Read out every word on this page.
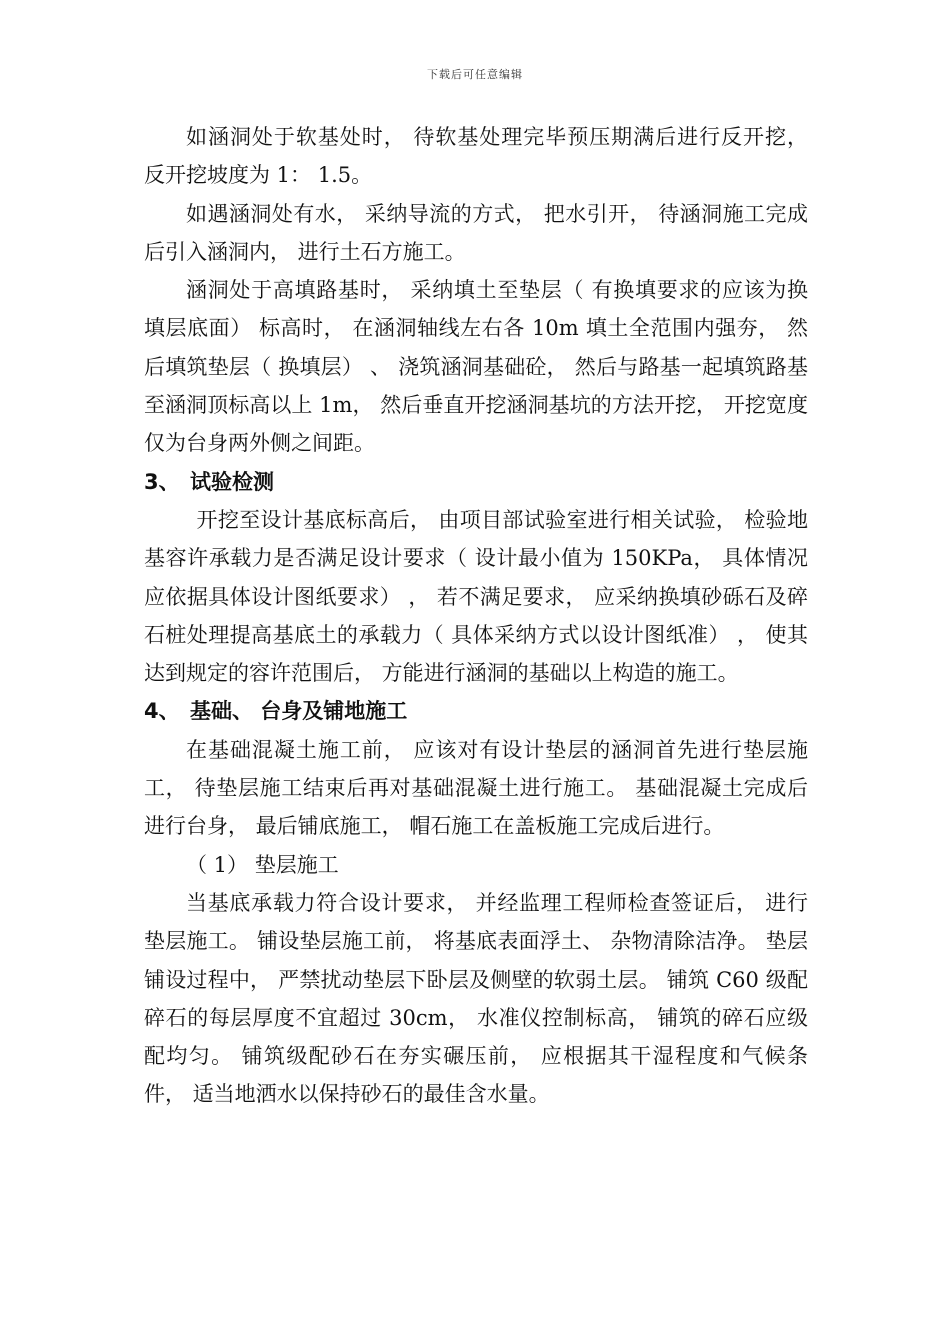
下载后可任意编辑

如涵洞处于软基处时， 待软基处理完毕预压期满后进行反开挖， 反开挖坡度为 1： 1.5。

如遇涵洞处有水， 采纳导流的方式， 把水引开， 待涵洞施工完成后引入涵洞内， 进行土石方施工。

涵洞处于高填路基时， 采纳填土至垫层（ 有换填要求的应该为换填层底面） 标高时， 在涵洞轴线左右各 10m 填土全范围内强夯， 然后填筑垫层（ 换填层） 、 浇筑涵洞基础砼， 然后与路基一起填筑路基至涵洞顶标高以上 1m， 然后垂直开挖涵洞基坑的方法开挖， 开挖宽度仅为台身两外侧之间距。

3、 试验检测

开挖至设计基底标高后， 由项目部试验室进行相关试验， 检验地基容许承载力是否满足设计要求（ 设计最小值为 150KPa， 具体情况应依据具体设计图纸要求） ， 若不满足要求， 应采纳换填砂砾石及碎石桩处理提高基底土的承载力（ 具体采纳方式以设计图纸准） ， 使其达到规定的容许范围后， 方能进行涵洞的基础以上构造的施工。

4、 基础、 台身及铺地施工

在基础混凝土施工前， 应该对有设计垫层的涵洞首先进行垫层施工， 待垫层施工结束后再对基础混凝土进行施工。 基础混凝土完成后进行台身， 最后铺底施工， 帽石施工在盖板施工完成后进行。

（ 1） 垫层施工

当基底承载力符合设计要求， 并经监理工程师检查签证后， 进行垫层施工。 铺设垫层施工前， 将基底表面浮土、 杂物清除洁净。 垫层铺设过程中， 严禁扰动垫层下卧层及侧壁的软弱土层。 铺筑 C60 级配碎石的每层厚度不宜超过 30cm， 水准仪控制标高， 铺筑的碎石应级配均匀。 铺筑级配砂石在夯实碾压前， 应根据其干湿程度和气候条件， 适当地洒水以保持砂石的最佳含水量。
